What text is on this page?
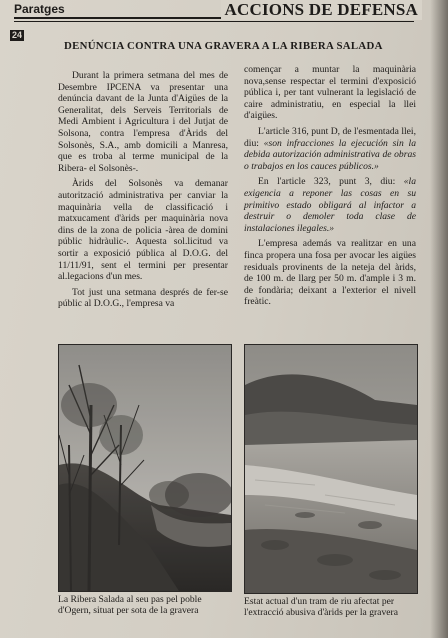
Paratges	ACCIONS DE DEFENSA
24
DENÚNCIA CONTRA UNA GRAVERA A LA RIBERA SALADA

Durant la primera setmana del mes de Desembre IPCENA va presentar una denúncia davant de la Junta d'Aigües de la Generalitat, dels Serveis Territorials de Medi Ambient i Agricultura i del Jutjat de Solsona, contra l'empresa d'Àrids del Solsonès, S.A., amb domicili a Manresa, que es troba al terme municipal de la Ribera- el Solsonès-.

Àrids del Solsonès va demanar autorització administrativa per canviar la maquinària vella de classificació i matxucament d'àrids per maquinària nova dins de la zona de policia -àrea de domini públic hidràulic-. Aquesta sol.licitud va sortir a exposició pública al D.O.G. del 11/11/91, sent el termini per presentar al.legacions d'un mes.

Tot just una setmana després de fer-se públic al D.O.G., l'empresa va

començar a muntar la maquinària nova,sense respectar el termini d'exposició pública i, per tant vulnerant la legislació de caire administratiu, en especial la llei d'aigües.

L'article 316, punt D, de l'esmentada llei, diu: «son infracciones la ejecución sin la debida autorización administrativa de obras o trabajos en los cauces públicos.»

En l'article 323, punt 3, diu: «la exigencia a reponer las cosas en su primitivo estado obligará al infactor a destruir o demoler toda clase de instalaciones ilegales.»

L'empresa además va realitzar en una finca propera una fosa per avocar les aigües residuals provinents de la neteja del àrids, de 100 m. de llarg per 50 m. d'ample i 3 m. de fondària; deixant a l'exterior el nivell freàtic.

La Ribera Salada al seu pas pel poble d'Ogern, situat per sota de la gravera
Estat actual d'un tram de riu afectat per l'extracció abusiva d'àrids per la gravera
